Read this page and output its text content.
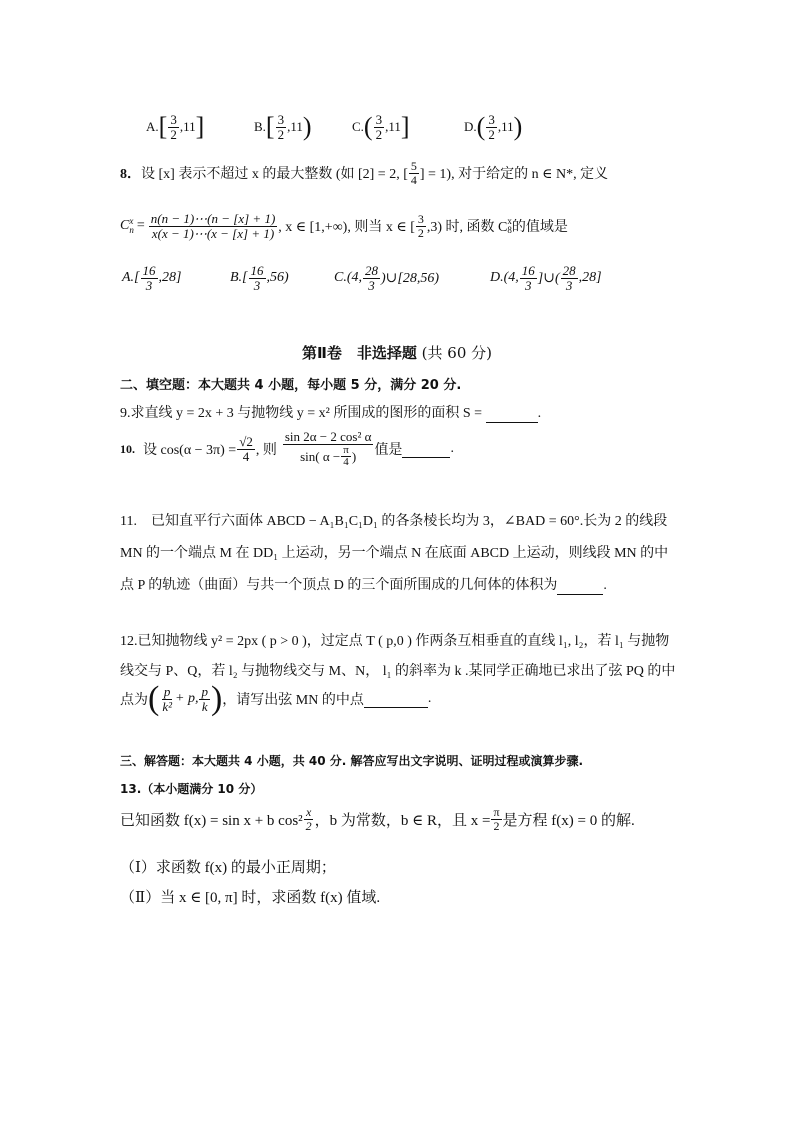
A. [ $\frac{3}{2} ,11$ ]	B. [ $\frac{3}{2} ,11$ )	C. ( $\frac{3}{2} ,11$ ]	D. ( $\frac{3}{2} ,11$ )
8． 设 [x] 表示不超过 x 的最大整数 (如 [2] = 2, [ $\frac{5}{4}$ ] = 1), 对于给定的 n ∈ N*, 定义
C x
$n = \frac{n(n - 1)\cdots(n - [x] + 1)}{x(x - 1)\cdots(x - [x] + 1)}$ , x ∈ [1,+∞), 则当 x ∈ [ $\frac{3}{2} ,3$) 时, 函数 C x
8 的值域是
$A.[ \frac{16}{3} ,28]$	$B.[ \frac{16}{3} ,56)$	C.(4, $\frac{28}{3}$ )∪[28,56)	D.(4, $\frac{16}{3}$ ]∪( $\frac{28}{3} ,28$]
第Ⅱ卷　非选择题 (共 60 分)
二、填空题：本大题共 4 小题，每小题 5 分，满分 20 分.
9.求直线 y = 2x + 3 与抛物线 y = x² 所围成的图形的面积 S =	.
10. 设 $\cos(\alpha - 3\pi) = \frac{√2}{4}$ , 则 $\frac{\text{sin 2α − 2 cos² α}}{\sin( \alpha - \frac{\pi}{4} )}$ 值是
	.
11.　已知直平行六面体 ABCD − A₁B₁C₁D₁ 的各条棱长均为 3，∠BAD = 60°.长为 2 的线段
MN 的一个端点 M 在 DD₁ 上运动，另一个端点 N 在底面 ABCD 上运动，则线段 MN 的中
点 P 的轨迹（曲面）与共一个顶点 D 的三个面所围成的几何体的体积为	.
12.已知抛物线 y² = 2px ( p > 0 )，过定点 T ( p,0 ) 作两条互相垂直的直线 l₁, l₂，若 l₁ 与抛物
线交与 P、Q，若 l₂ 与抛物线交与 M、N， l₁ 的斜率为 k .某同学正确地已求出了弦 PQ 的中
点为 ( $\frac{p}{\text{k²}} + p$, $\frac{p}{k}$ ) ，请写出弦 MN 的中点
	.
三、解答题：本大题共 4 小题，共 40 分. 解答应写出文字说明、证明过程或演算步骤.
13.（本小题满分 10 分）
已知函数 f(x) = sin x + b $\cos^2 \frac{x}{2}$ ，b 为常数，b ∈ R，且 $x = \frac{\pi}{2}$ 是方程 f(x) = 0 的解.
（Ⅰ）求函数 f(x) 的最小正周期；
（Ⅱ）当 x ∈ [0, π] 时，求函数 f(x) 值域.
